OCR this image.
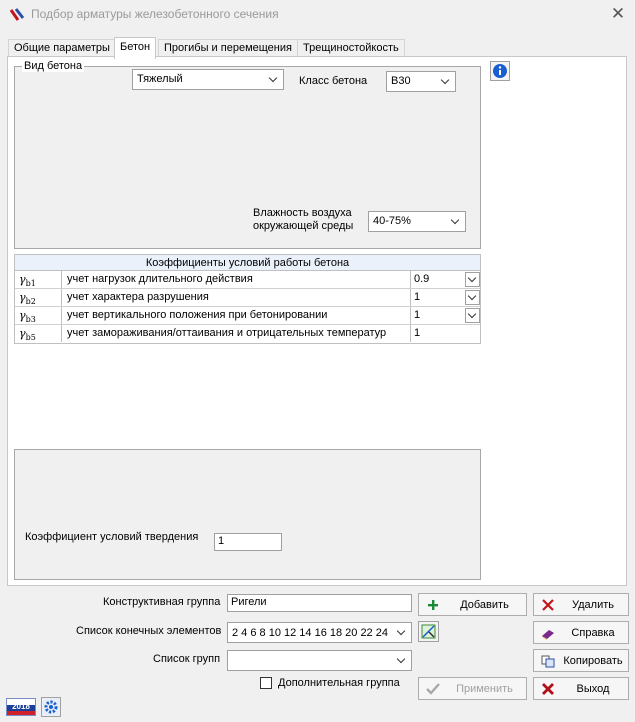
Подбор арматуры железобетонного сечения	✕
Общие параметры Бетон	Прогибы и перемещения	Трещиностойкость
Вид бетона
Тяжелый	Класс бетона	B30
Влажность воздуха
окружающей среды	40-75%
Коэффициенты условий работы бетона
$\gamma_{b1}$	учет нагрузок длительного действия	0.9
$\gamma_{b2}$	учет характера разрушения	1
$\gamma_{b3}$	учет вертикального положения при бетонировании	1
$\gamma_{b5}$	учет замораживания/оттаивания и отрицательных температур	1
Коэффициент условий твердения	1
Конструктивная группа Ригели
Список конечных элементов 2 4 6 8 10 12 14 16 18 20 22 24
Список групп
Дополнительная группа
Добавить	Удалить
Справка
Копировать
Применить	Выход
2018
